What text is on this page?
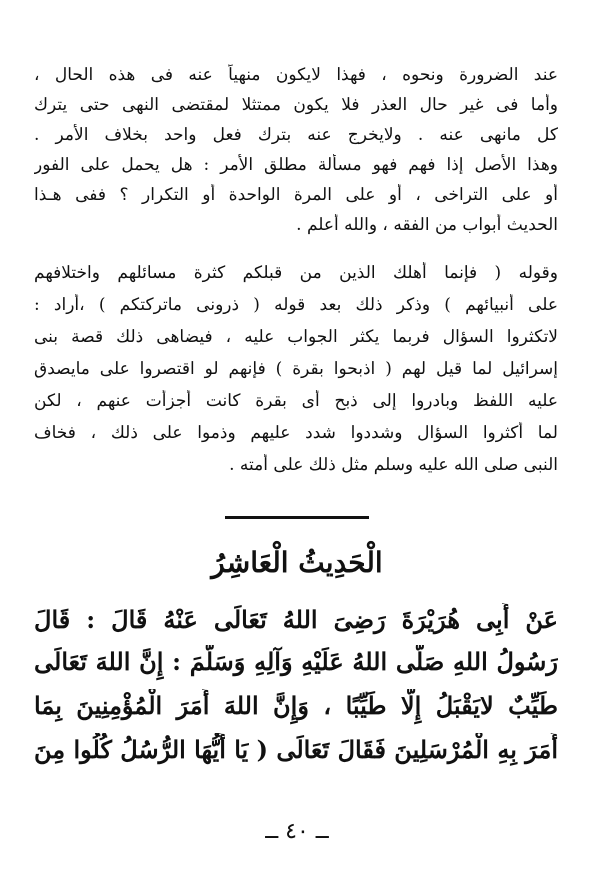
عند الضرورة ونحوه ، فهذا لايكون منهياً عنه فى هذه الحال ،
وأما فى غير حال العذر فلا يكون ممتثلا لمقتضى النهى حتى يترك
كل مانهى عنه . ولايخرج عنه بترك فعل واحد بخلاف الأمر .
وهذا الأصل إذا فهم فهو مسألة مطلق الأمر : هل يحمل على الفور
أو على التراخى ، أو على المرة الواحدة أو التكرار ؟ ففى هـذا
الحديث أبواب من الفقه ، والله أعلم .
وقوله ( فإنما أهلك الذين من قبلكم كثرة مسائلهم واختلافهم
على أنبيائهم ) وذكر ذلك بعد قوله ( ذرونى ماتركتكم ) ،أراد :
لاتكثروا السؤال فربما يكثر الجواب عليه ، فيضاهى ذلك قصة بنى
إسرائيل لما قيل لهم ( اذبحوا بقرة ) فإنهم لو اقتصروا على مايصدق
عليه اللفظ وبادروا إلى ذبح أى بقرة كانت أجزأت عنهم ، لكن
لما أكثروا السؤال وشددوا شدد عليهم وذموا على ذلك ، فخاف
النبى صلى الله عليه وسلم مثل ذلك على أمته .
الْحَدِيثُ الْعَاشِرُ
عَنْ أَبِى هُرَيْرَةَ رَضِىَ اللهُ تَعَالَى عَنْهُ قَالَ : قَالَ
رَسُولُ اللهِ صَلَّى اللهُ عَلَيْهِ وَآلِهِ وَسَلَّمَ : إِنَّ اللهَ تَعَالَى
طَيِّبٌ لايَقْبَلُ إِلَّا طَيِّبًا ، وَإِنَّ اللهَ أَمَرَ الْمُؤْمِنِينَ بِمَا
أَمَرَ بِهِ الْمُرْسَلِينَ فَقَالَ تَعَالَى ( يَا أَيُّهَا الرُّسُلُ كُلُوا مِنَ
ــ ٤٠ ــ
